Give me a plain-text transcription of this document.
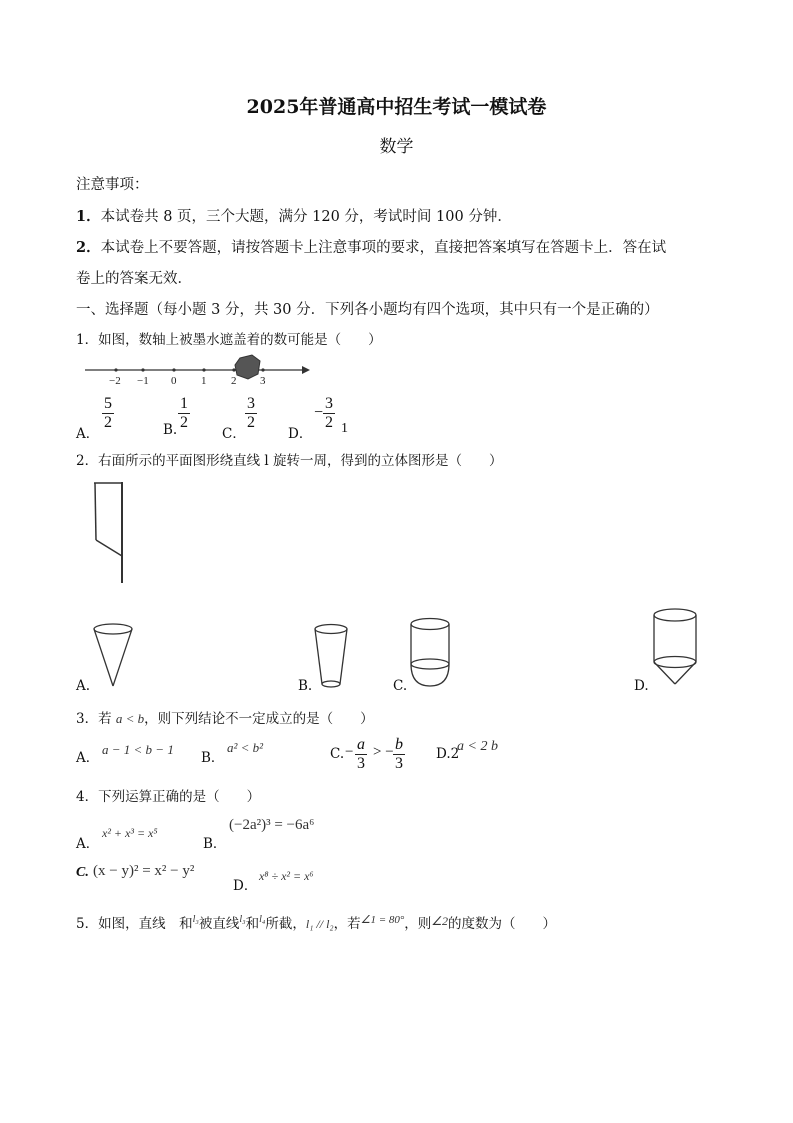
2025年普通高中招生考试一模试卷
数学
注意事项：
1．本试卷共 8 页，三个大题，满分 120 分，考试时间 100 分钟．
2．本试卷上不要答题，请按答题卡上注意事项的要求，直接把答案填写在答题卡上．答在试
卷上的答案无效．
一、选择题（每小题 3 分，共 30 分．下列各小题均有四个选项，其中只有一个是正确的）
1．如图，数轴上被墨水遮盖着的数可能是（　　）
−2 −1 0 1 2 3
A．
$\frac{5}{2}$	B. $\frac{1}{2}$
C．
$\frac{3}{2}$
D．
− $\frac{3}{2} 1$
2．右面所示的平面图形绕直线 l 旋转一周，得到的立体图形是（　　）
A.	B.	C.	D.
3．若 a < b，则下列结论不一定成立的是（　　）
A．
a − 1 < b − 1
B．
a² < b²	C. − $\frac{a}{3}$ > − $\frac{b}{3} D.2$
a < 2 b
4．下列运算正确的是（　　）
A．
x² + x³ = x⁵
B．
(−2a²)³ = −6a⁶
C. (x − y)² = x² − y²
D．
x⁸ ÷ x² = x⁶
5．如图，直线　和$^{l_3}$被直线$^{l_3}$和$^{l_4}$所截，l₁ // l₂，若$^{\angle 1 = 80^\circ}$，则∠2的度数为（　　）
